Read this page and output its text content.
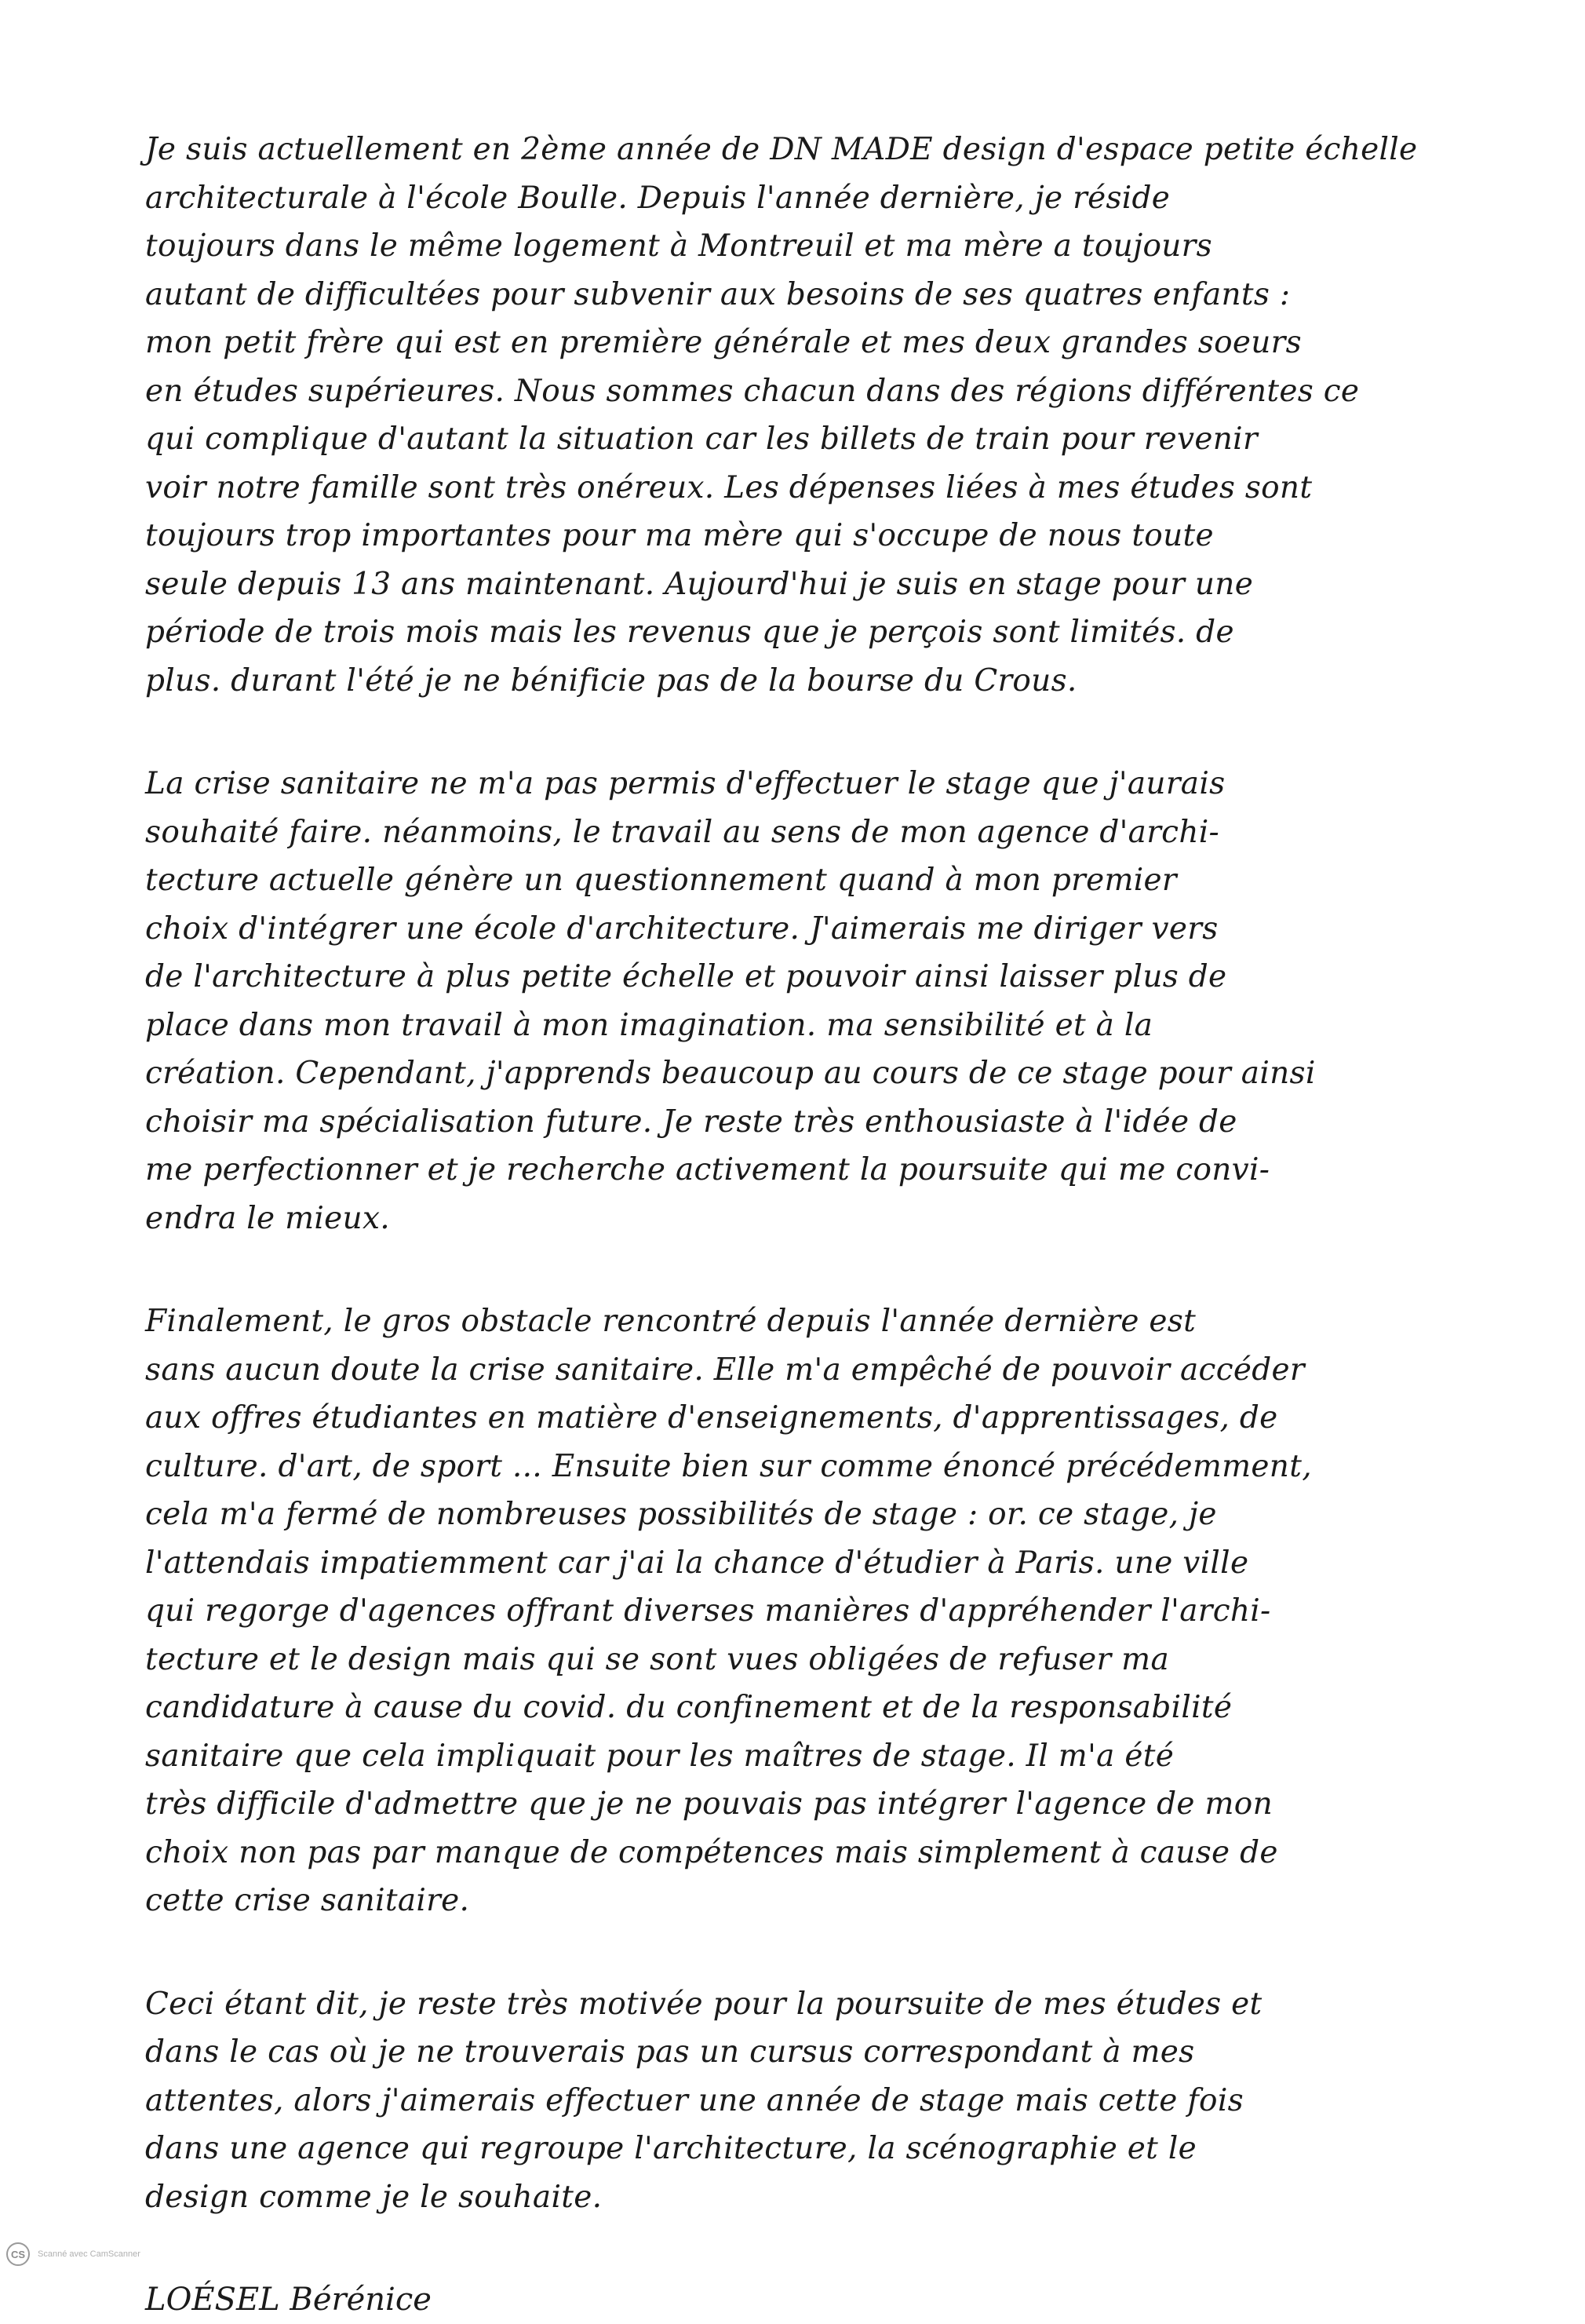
Je suis actuellement en 2ème année de DN MADE design d'espace petite échelle
architecturale à l'école Boulle. Depuis l'année dernière, je réside
toujours dans le même logement à Montreuil et ma mère a toujours
autant de difficultées pour subvenir aux besoins de ses quatres enfants :
mon petit frère qui est en première générale et mes deux grandes soeurs
en études supérieures. Nous sommes chacun dans des régions différentes ce
qui complique d'autant la situation car les billets de train pour revenir
voir notre famille sont très onéreux. Les dépenses liées à mes études sont
toujours trop importantes pour ma mère qui s'occupe de nous toute
seule depuis 13 ans maintenant. Aujourd'hui je suis en stage pour une
période de trois mois mais les revenus que je perçois sont limités. de
plus. durant l'été je ne bénificie pas de la bourse du Crous.
La crise sanitaire ne m'a pas permis d'effectuer le stage que j'aurais
souhaité faire. néanmoins, le travail au sens de mon agence d'archi-
tecture actuelle génère un questionnement quand à mon premier
choix d'intégrer une école d'architecture. J'aimerais me diriger vers
de l'architecture à plus petite échelle et pouvoir ainsi laisser plus de
place dans mon travail à mon imagination. ma sensibilité et à la
création. Cependant, j'apprends beaucoup au cours de ce stage pour ainsi
choisir ma spécialisation future. Je reste très enthousiaste à l'idée de
me perfectionner et je recherche activement la poursuite qui me convi-
endra le mieux.
Finalement, le gros obstacle rencontré depuis l'année dernière est
sans aucun doute la crise sanitaire. Elle m'a empêché de pouvoir accéder
aux offres étudiantes en matière d'enseignements, d'apprentissages, de
culture. d'art, de sport ... Ensuite bien sur comme énoncé précédemment,
cela m'a fermé de nombreuses possibilités de stage : or. ce stage, je
l'attendais impatiemment car j'ai la chance d'étudier à Paris. une ville
qui regorge d'agences offrant diverses manières d'appréhender l'archi-
tecture et le design mais qui se sont vues obligées de refuser ma
candidature à cause du covid. du confinement et de la responsabilité
sanitaire que cela impliquait pour les maîtres de stage. Il m'a été
très difficile d'admettre que je ne pouvais pas intégrer l'agence de mon
choix non pas par manque de compétences mais simplement à cause de
cette crise sanitaire.
Ceci étant dit, je reste très motivée pour la poursuite de mes études et
dans le cas où je ne trouverais pas un cursus correspondant à mes
attentes, alors j'aimerais effectuer une année de stage mais cette fois
dans une agence qui regroupe l'architecture, la scénographie et le
design comme je le souhaite.
LOÉSEL Bérénice
CS	Scanné avec CamScanner
